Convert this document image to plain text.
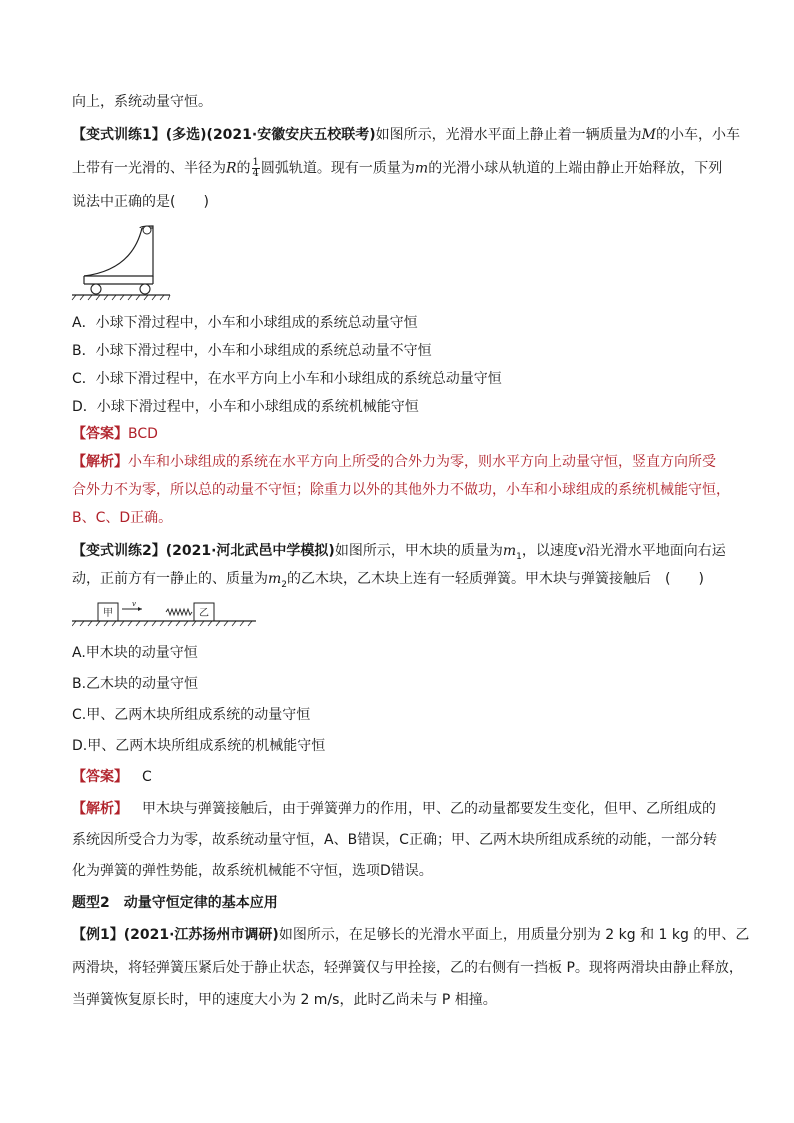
向上，系统动量守恒。
【变式训练1】(多选)(2021·安徽安庆五校联考)如图所示，光滑水平面上静止着一辆质量为M的小车，小车
上带有一光滑的、半径为R的 $\frac{1}{4}$ 圆弧轨道。现有一质量为m的光滑小球从轨道的上端由静止开始释放，下列
说法中正确的是(　　)
A．小球下滑过程中，小车和小球组成的系统总动量守恒
B．小球下滑过程中，小车和小球组成的系统总动量不守恒
C．小球下滑过程中，在水平方向上小车和小球组成的系统总动量守恒
D．小球下滑过程中，小车和小球组成的系统机械能守恒
【答案】BCD
【解析】小车和小球组成的系统在水平方向上所受的合外力为零，则水平方向上动量守恒，竖直方向所受
合外力不为零，所以总的动量不守恒；除重力以外的其他外力不做功，小车和小球组成的系统机械能守恒，
B、C、D正确。
【变式训练2】(2021·河北武邑中学模拟)如图所示，甲木块的质量为$m_1$，以速度v沿光滑水平地面向右运
动，正前方有一静止的、质量为$m_2$的乙木块，乙木块上连有一轻质弹簧。甲木块与弹簧接触后　(　　)
甲
v
乙
A.甲木块的动量守恒
B.乙木块的动量守恒
C.甲、乙两木块所组成系统的动量守恒
D.甲、乙两木块所组成系统的机械能守恒
【答案】 C
【解析】 甲木块与弹簧接触后，由于弹簧弹力的作用，甲、乙的动量都要发生变化，但甲、乙所组成的
系统因所受合力为零，故系统动量守恒，A、B错误，C正确；甲、乙两木块所组成系统的动能，一部分转
化为弹簧的弹性势能，故系统机械能不守恒，选项D错误。
题型2　动量守恒定律的基本应用
【例1】(2021·江苏扬州市调研)如图所示，在足够长的光滑水平面上，用质量分别为 2 kg 和 1 kg 的甲、乙
两滑块，将轻弹簧压紧后处于静止状态，轻弹簧仅与甲拴接，乙的右侧有一挡板 P。现将两滑块由静止释放，
当弹簧恢复原长时，甲的速度大小为 2 m/s，此时乙尚未与 P 相撞。
